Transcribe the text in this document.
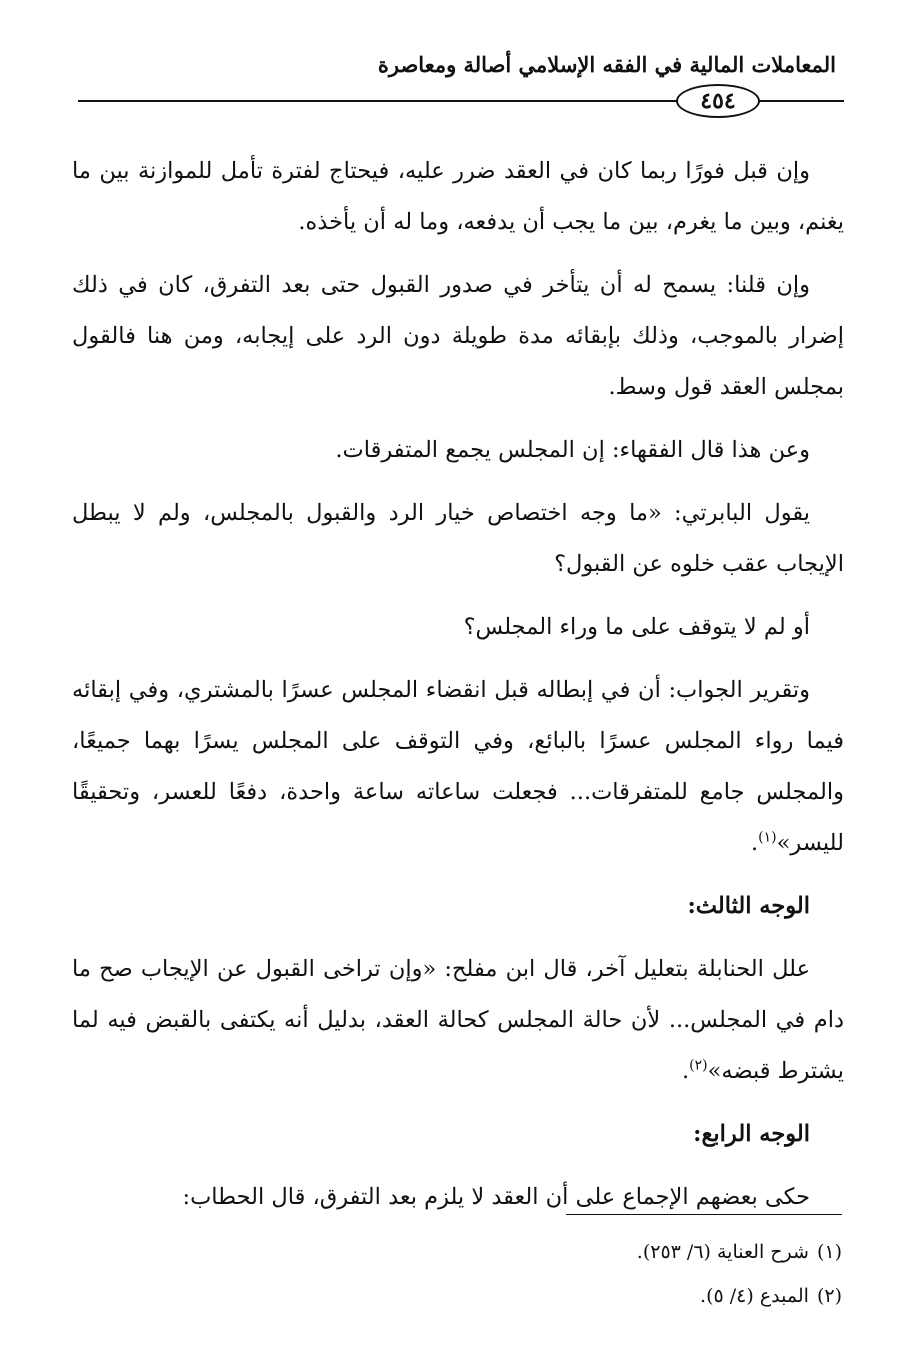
المعاملات المالية في الفقه الإسلامي أصالة ومعاصرة
٤٥٤

وإن قبل فورًا ربما كان في العقد ضرر عليه، فيحتاج لفترة تأمل للموازنة بين ما يغنم، وبين ما يغرم، بين ما يجب أن يدفعه، وما له أن يأخذه.

وإن قلنا: يسمح له أن يتأخر في صدور القبول حتى بعد التفرق، كان في ذلك إضرار بالموجب، وذلك بإبقائه مدة طويلة دون الرد على إيجابه، ومن هنا فالقول بمجلس العقد قول وسط.

وعن هذا قال الفقهاء: إن المجلس يجمع المتفرقات.

يقول البابرتي: «ما وجه اختصاص خيار الرد والقبول بالمجلس، ولم لا يبطل الإيجاب عقب خلوه عن القبول؟

أو لم لا يتوقف على ما وراء المجلس؟

وتقرير الجواب: أن في إبطاله قبل انقضاء المجلس عسرًا بالمشتري، وفي إبقائه فيما رواء المجلس عسرًا بالبائع، وفي التوقف على المجلس يسرًا بهما جميعًا، والمجلس جامع للمتفرقات... فجعلت ساعاته ساعة واحدة، دفعًا للعسر، وتحقيقًا لليسر»$^{(١)}$.

الوجه الثالث:

علل الحنابلة بتعليل آخر، قال ابن مفلح: «وإن تراخى القبول عن الإيجاب صح ما دام في المجلس... لأن حالة المجلس كحالة العقد، بدليل أنه يكتفى بالقبض فيه لما يشترط قبضه»$^{(٢)}$.

الوجه الرابع:

حكى بعضهم الإجماع على أن العقد لا يلزم بعد التفرق، قال الحطاب:

(١)
شرح العناية (٦/ ٢٥٣).
(٢)
المبدع (٤/ ٥).
